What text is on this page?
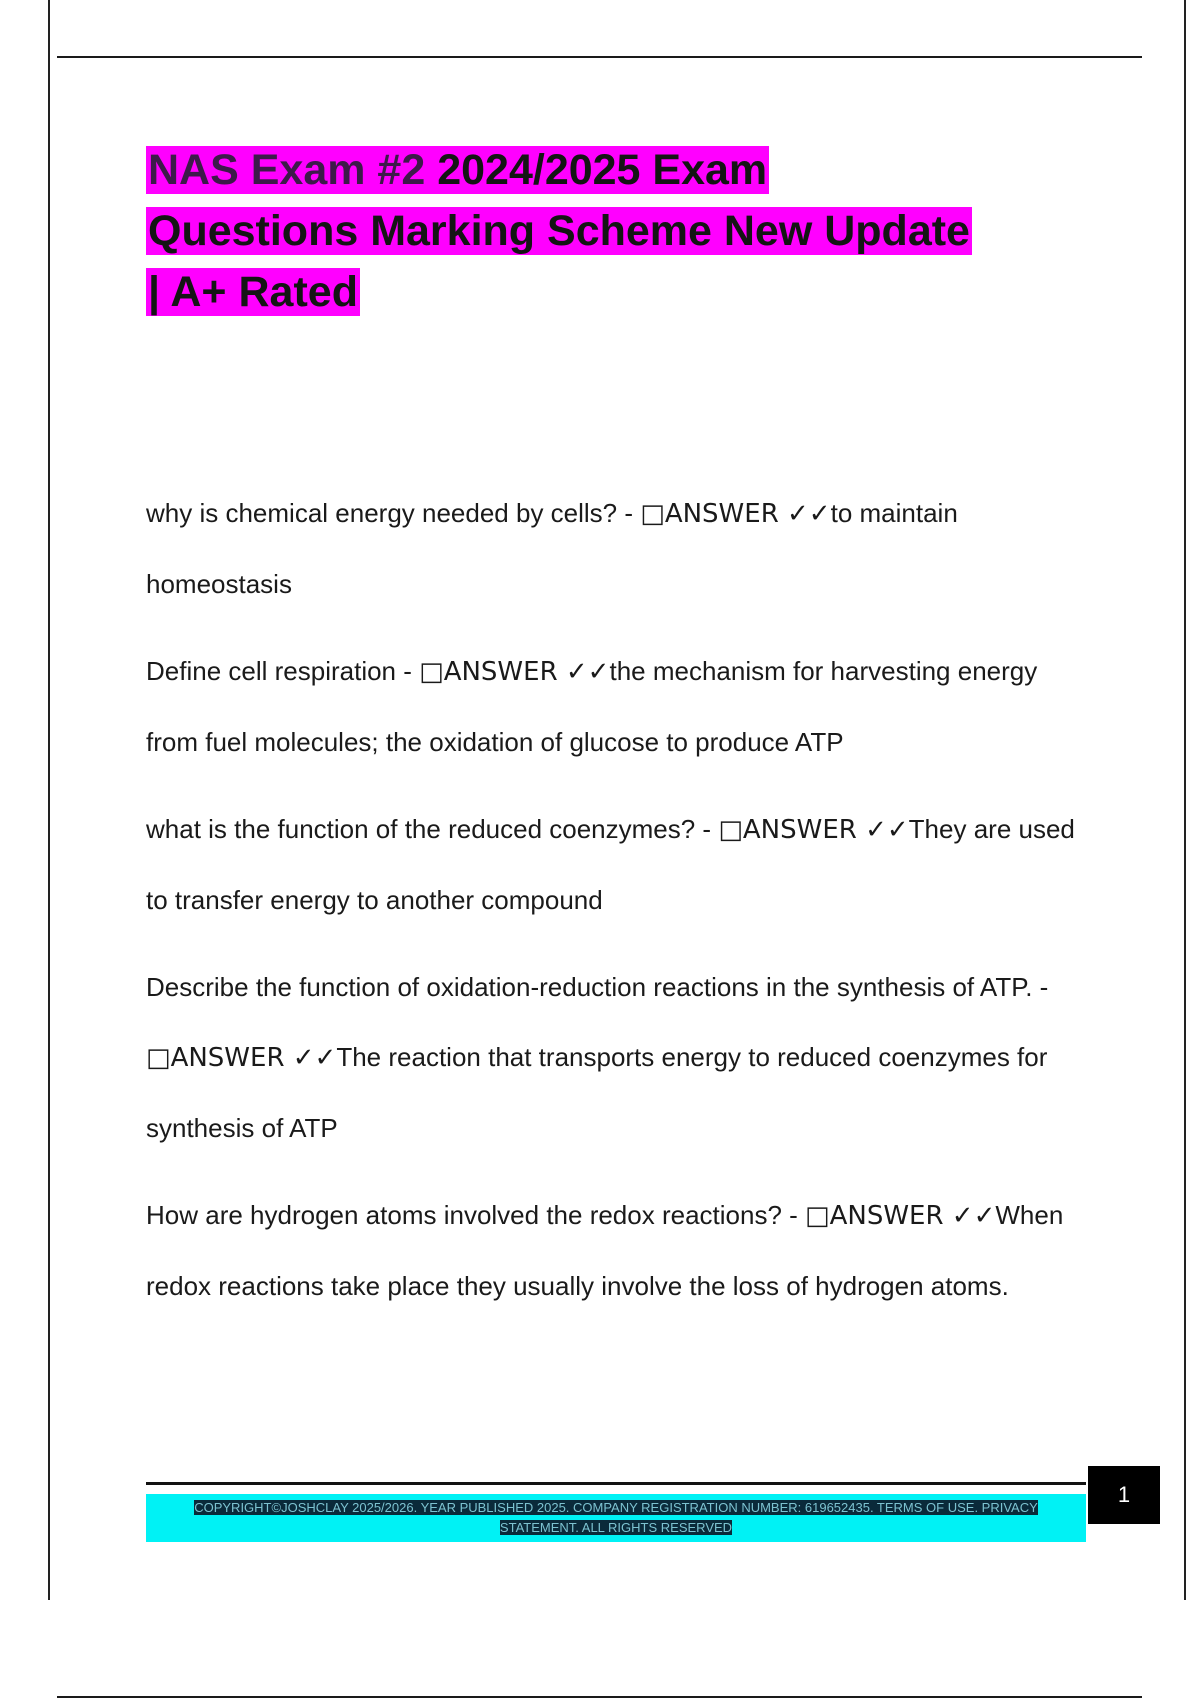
NAS Exam #2 2024/2025 Exam
Questions Marking Scheme New Update
| A+ Rated

why is chemical energy needed by cells? - □ANSWER ✓✓to maintain homeostasis

Define cell respiration - □ANSWER ✓✓the mechanism for harvesting energy from fuel molecules; the oxidation of glucose to produce ATP

what is the function of the reduced coenzymes? - □ANSWER ✓✓They are used to transfer energy to another compound

Describe the function of oxidation-reduction reactions in the synthesis of ATP. - □ANSWER ✓✓The reaction that transports energy to reduced coenzymes for synthesis of ATP

How are hydrogen atoms involved the redox reactions? - □ANSWER ✓✓When redox reactions take place they usually involve the loss of hydrogen atoms.

COPYRIGHT©JOSHCLAY 2025/2026. YEAR PUBLISHED 2025. COMPANY REGISTRATION NUMBER: 619652435. TERMS OF USE. PRIVACY STATEMENT. ALL RIGHTS RESERVED
1
